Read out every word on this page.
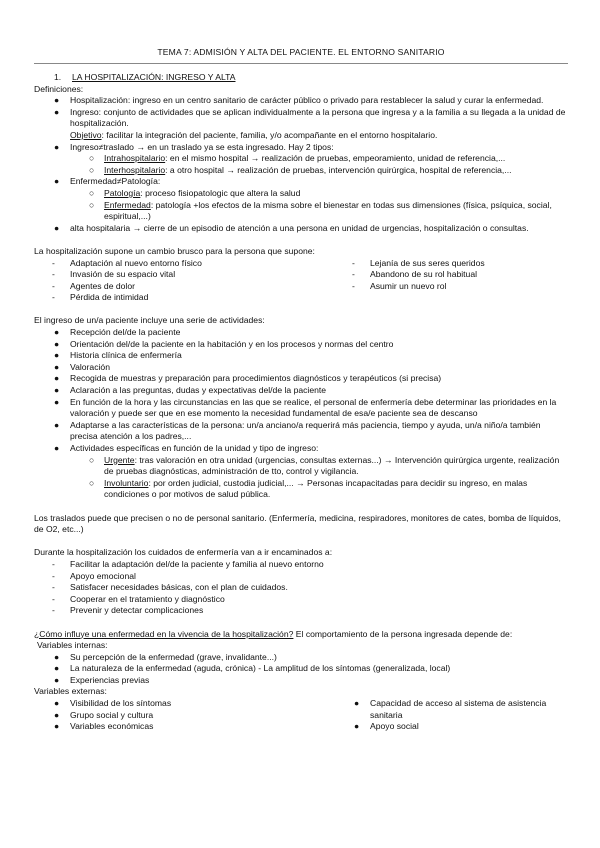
TEMA 7: ADMISIÓN Y ALTA DEL PACIENTE. EL ENTORNO SANITARIO

1. LA HOSPITALIZACIÓN: INGRESO Y ALTA

Definiciones:

● Hospitalización: ingreso en un centro sanitario de carácter público o privado para restablecer la salud y curar la enfermedad.
● Ingreso: conjunto de actividades que se aplican individualmente a la persona que ingresa y a la familia a su llegada a la unidad de hospitalización.
Objetivo: facilitar la integración del paciente, familia, y/o acompañante en el entorno hospitalario.
● Ingreso≠traslado → en un traslado ya se esta ingresado. Hay 2 tipos:
○ Intrahospitalario: en el mismo hospital → realización de pruebas, empeoramiento, unidad de referencia,...
○ Interhospitalario: a otro hospital → realización de pruebas, intervención quirúrgica, hospital de referencia,...
● Enfermedad≠Patología:
○ Patología: proceso fisiopatologic que altera la salud
○ Enfermedad: patología +los efectos de la misma sobre el bienestar en todas sus dimensiones (física, psíquica, social, espiritual,...)
● alta hospitalaria → cierre de un episodio de atención a una persona en unidad de urgencias, hospitalización o consultas.

La hospitalización supone un cambio brusco para la persona que supone:

- Adaptación al nuevo entorno físico
- Invasión de su espacio vital
- Agentes de dolor
- Pérdida de intimidad
- Lejanía de sus seres queridos
- Abandono de su rol habitual
- Asumir un nuevo rol

El ingreso de un/a paciente incluye una serie de actividades:

● Recepción del/de la paciente
● Orientación del/de la paciente en la habitación y en los procesos y normas del centro
● Historia clínica de enfermería
● Valoración
● Recogida de muestras y preparación para procedimientos diagnósticos y terapéuticos (si precisa)
● Aclaración a las preguntas, dudas y expectativas del/de la paciente
● En función de la hora y las circunstancias en las que se realice, el personal de enfermería debe determinar las prioridades en la valoración y puede ser que en ese momento la necesidad fundamental de esa/e paciente sea de descanso
● Adaptarse a las características de la persona: un/a anciano/a requerirá más paciencia, tiempo y ayuda, un/a niño/a también precisa atención a los padres,...
● Actividades específicas en función de la unidad y tipo de ingreso:
○ Urgente: tras valoración en otra unidad (urgencias, consultas externas...) → Intervención quirúrgica urgente, realización de pruebas diagnósticas, administración de tto, control y vigilancia.
○ Involuntario: por orden judicial, custodia judicial,... → Personas incapacitadas para decidir su ingreso, en malas condiciones o por motivos de salud pública.

Los traslados puede que precisen o no de personal sanitario. (Enfermería, medicina, respiradores, monitores de cates, bomba de líquidos, de O2, etc...)

Durante la hospitalización los cuidados de enfermería van a ir encaminados a:

- Facilitar la adaptación del/de la paciente y familia al nuevo entorno
- Apoyo emocional
- Satisfacer necesidades básicas, con el plan de cuidados.
- Cooperar en el tratamiento y diagnóstico
- Prevenir y detectar complicaciones

¿Cómo influye una enfermedad en la vivencia de la hospitalización? El comportamiento de la persona ingresada depende de:

Variables internas:

● Su percepción de la enfermedad (grave, invalidante...)
● La naturaleza de la enfermedad (aguda, crónica) - La amplitud de los síntomas (generalizada, local)
● Experiencias previas

Variables externas:

● Visibilidad de los síntomas
● Grupo social y cultura
● Variables económicas
● Capacidad de acceso al sistema de asistencia sanitaria
● Apoyo social
